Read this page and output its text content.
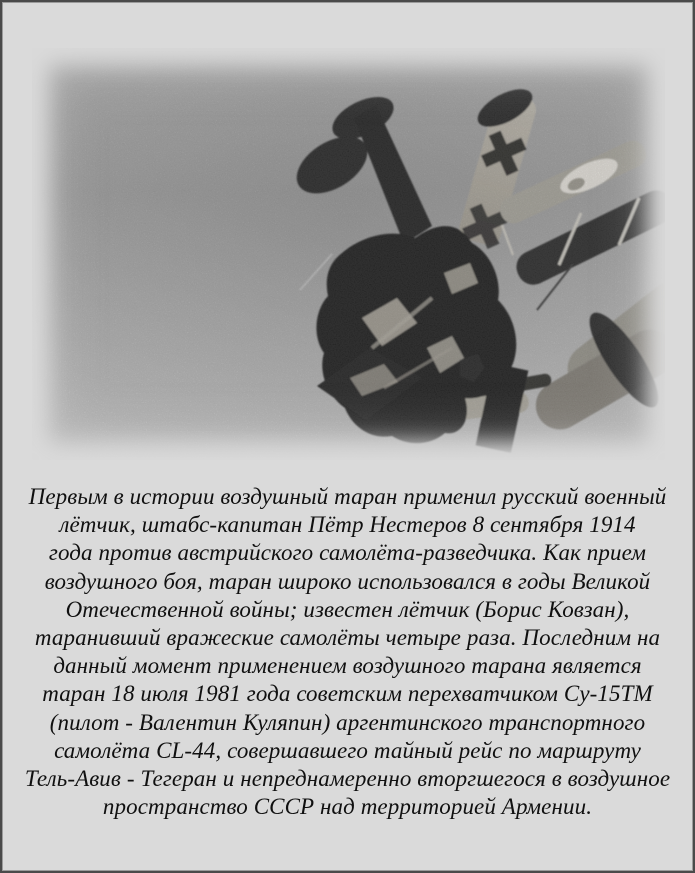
Первым в истории воздушный таран применил русский военный
лётчик, штабс-капитан Пётр Нестеров 8 сентября 1914
года против австрийского самолёта-разведчика. Как прием
воздушного боя, таран широко использовался в годы Великой
Отечественной войны; известен лётчик (Борис Ковзан),
таранивший вражеские самолёты четыре раза. Последним на
данный момент применением воздушного тарана является
таран 18 июля 1981 года советским перехватчиком Су-15ТМ
(пилот - Валентин Куляпин) аргентинского транспортного
самолёта CL-44, совершавшего тайный рейс по маршруту
Тель-Авив - Тегеран и непреднамеренно вторгшегося в воздушное
пространство СССР над территорией Армении.
